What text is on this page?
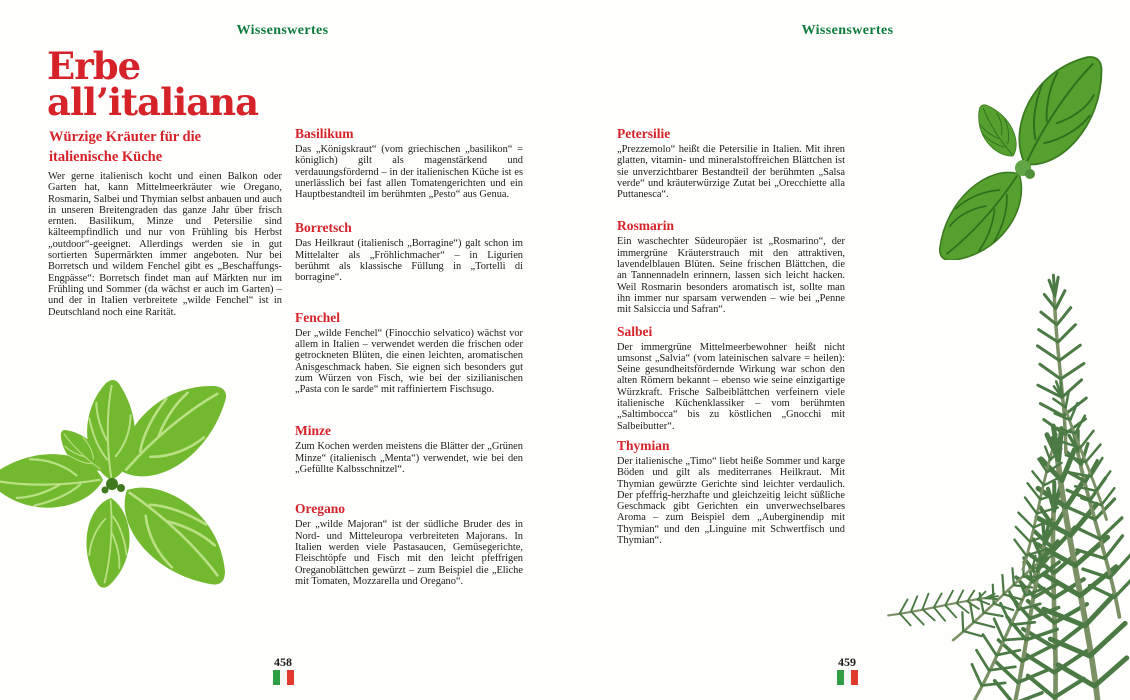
Wissenswertes	Wissenswertes
Erbe
all’italiana
Würzige Kräuter für die
italienische Küche

Wer gerne italienisch kocht und einen Balkon oder Garten hat, kann Mittelmeerkräuter wie Oregano, Rosmarin, Salbei und Thymian selbst anbauen und auch in unseren Breitengraden das ganze Jahr über frisch ernten. Basilikum, Minze und Petersilie sind kälteempfindlich und nur von Frühling bis Herbst „outdoor“-geeignet. Allerdings werden sie in gut sortierten Supermärkten immer angeboten. Nur bei Borretsch und wildem Fenchel gibt es „Beschaffungs-Engpässe“: Borretsch findet man auf Märkten nur im Frühling und Sommer (da wächst er auch im Garten) – und der in Italien verbreitete „wilde Fenchel“ ist in Deutschland noch eine Rarität.

Basilikum

Das „Königskraut“ (vom griechischen „basilikon“ = königlich) gilt als magenstärkend und verdauungsfördernd – in der italienischen Küche ist es unerlässlich bei fast allen Tomatengerichten und ein Hauptbestandteil im berühmten „Pesto“ aus Genua.

Borretsch

Das Heilkraut (italienisch „Borragine“) galt schon im Mittelalter als „Fröhlichmacher“ – in Ligurien berühmt als klassische Füllung in „Tortelli di borragine“.

Fenchel

Der „wilde Fenchel“ (Finocchio selvatico) wächst vor allem in Italien – verwendet werden die frischen oder getrockneten Blüten, die einen leichten, aromatischen Anisgeschmack haben. Sie eignen sich besonders gut zum Würzen von Fisch, wie bei der sizilianischen „Pasta con le sarde“ mit raffiniertem Fischsugo.

Minze

Zum Kochen werden meistens die Blätter der „Grünen Minze“ (italienisch „Menta“) verwendet, wie bei den „Gefüllte Kalbsschnitzel“.

Oregano

Der „wilde Majoran“ ist der südliche Bruder des in Nord- und Mitteleuropa verbreiteten Majorans. In Italien werden viele Pastasaucen, Gemüsegerichte, Fleischtöpfe und Fisch mit den leicht pfeffrigen Oreganoblättchen gewürzt – zum Beispiel die „Eliche mit Tomaten, Mozzarella und Oregano“.

Petersilie

„Prezzemolo“ heißt die Petersilie in Italien. Mit ihren glatten, vitamin- und mineralstoffreichen Blättchen ist sie unverzichtbarer Bestandteil der berühmten „Salsa verde“ und kräuterwürzige Zutat bei „Orecchiette alla Puttanesca“.

Rosmarin

Ein waschechter Südeuropäer ist „Rosmarino“, der immergrüne Kräuterstrauch mit den attraktiven, lavendelblauen Blüten. Seine frischen Blättchen, die an Tannennadeln erinnern, lassen sich leicht hacken. Weil Rosmarin besonders aromatisch ist, sollte man ihn immer nur sparsam verwenden – wie bei „Penne mit Salsiccia und Safran“.

Salbei

Der immergrüne Mittelmeerbewohner heißt nicht umsonst „Salvia“ (vom lateinischen salvare = heilen): Seine gesundheitsfördernde Wirkung war schon den alten Römern bekannt – ebenso wie seine einzigartige Würzkraft. Frische Salbeiblättchen verfeinern viele italienische Küchenklassiker – vom berühmten „Saltimbocca“ bis zu köstlichen „Gnocchi mit Salbeibutter“.

Thymian

Der italienische „Timo“ liebt heiße Sommer und karge Böden und gilt als mediterranes Heilkraut. Mit Thymian gewürzte Gerichte sind leichter verdaulich. Der pfeffrig-herzhafte und gleichzeitig leicht süßliche Geschmack gibt Gerichten ein unverwechselbares Aroma – zum Beispiel dem „Auberginendip mit Thymian“ und den „Linguine mit Schwertfisch und Thymian“.

458	459
